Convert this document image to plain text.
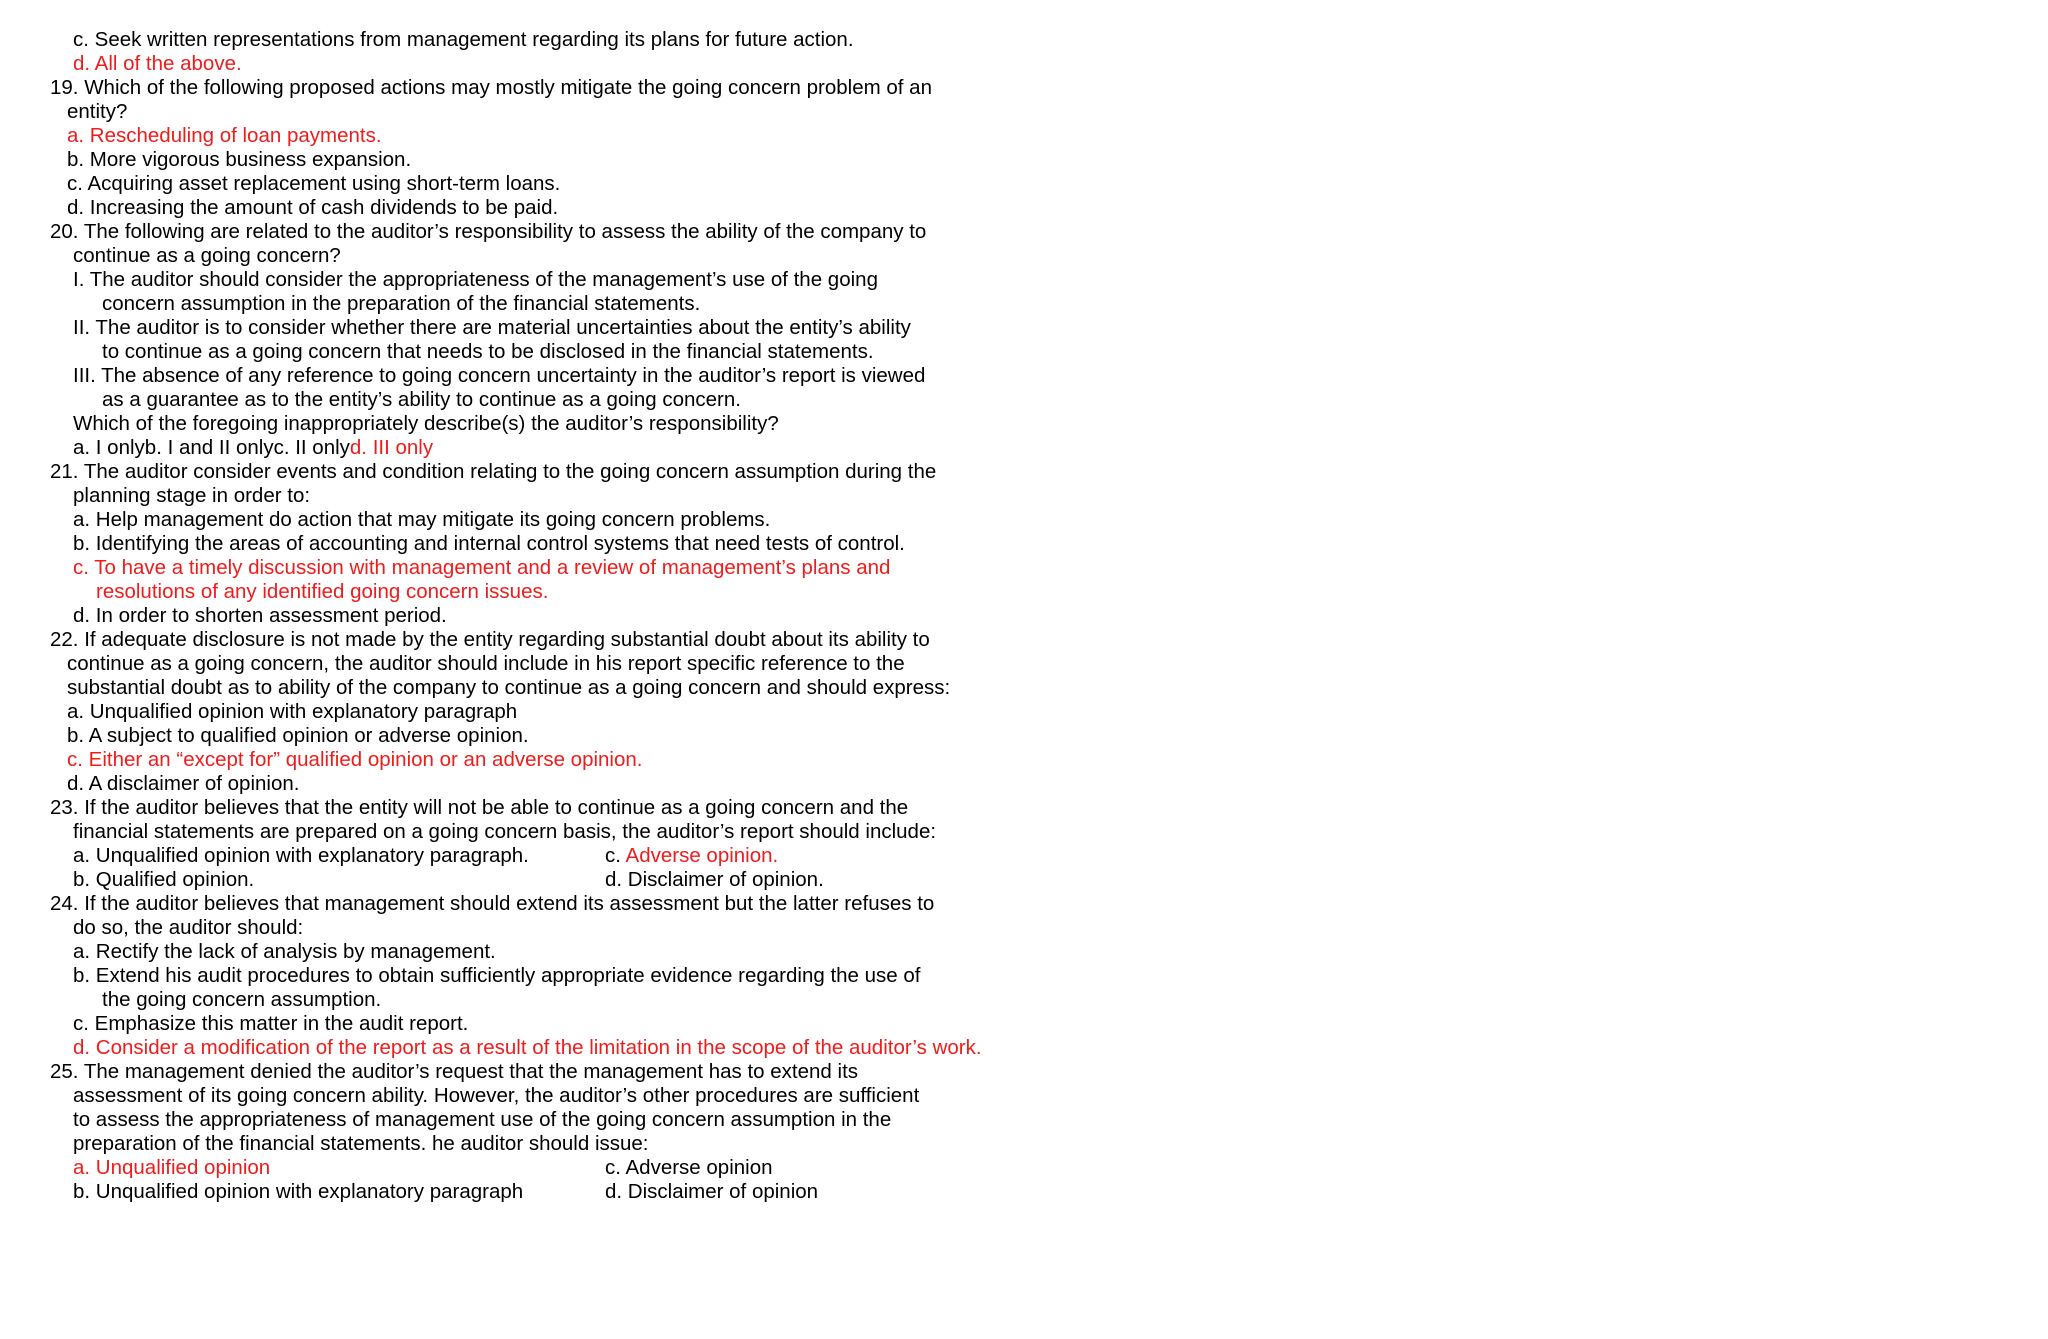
c. Seek written representations from management regarding its plans for future action.
d. All of the above.
19. Which of the following proposed actions may mostly mitigate the going concern problem of an
entity?
a. Rescheduling of loan payments.
b. More vigorous business expansion.
c. Acquiring asset replacement using short-term loans.
d. Increasing the amount of cash dividends to be paid.
20. The following are related to the auditor’s responsibility to assess the ability of the company to
continue as a going concern?
I. The auditor should consider the appropriateness of the management’s use of the going
concern assumption in the preparation of the financial statements.
II. The auditor is to consider whether there are material uncertainties about the entity’s ability
to continue as a going concern that needs to be disclosed in the financial statements.
III. The absence of any reference to going concern uncertainty in the auditor’s report is viewed
as a guarantee as to the entity’s ability to continue as a going concern.
Which of the foregoing inappropriately describe(s) the auditor’s responsibility?
a. I onlyb. I and II onlyc. II onlyd. III only
21. The auditor consider events and condition relating to the going concern assumption during the
planning stage in order to:
a. Help management do action that may mitigate its going concern problems.
b. Identifying the areas of accounting and internal control systems that need tests of control.
c. To have a timely discussion with management and a review of management’s plans and
resolutions of any identified going concern issues.
d. In order to shorten assessment period.
22. If adequate disclosure is not made by the entity regarding substantial doubt about its ability to
continue as a going concern, the auditor should include in his report specific reference to the
substantial doubt as to ability of the company to continue as a going concern and should express:
a. Unqualified opinion with explanatory paragraph
b. A subject to qualified opinion or adverse opinion.
c. Either an “except for” qualified opinion or an adverse opinion.
d. A disclaimer of opinion.
23. If the auditor believes that the entity will not be able to continue as a going concern and the
financial statements are prepared on a going concern basis, the auditor’s report should include:
a. Unqualified opinion with explanatory paragraph.	c. Adverse opinion.
b. Qualified opinion.	d. Disclaimer of opinion.
24. If the auditor believes that management should extend its assessment but the latter refuses to
do so, the auditor should:
a. Rectify the lack of analysis by management.
b. Extend his audit procedures to obtain sufficiently appropriate evidence regarding the use of
the going concern assumption.
c. Emphasize this matter in the audit report.
d. Consider a modification of the report as a result of the limitation in the scope of the auditor’s work.
25. The management denied the auditor’s request that the management has to extend its
assessment of its going concern ability. However, the auditor’s other procedures are sufficient
to assess the appropriateness of management use of the going concern assumption in the
preparation of the financial statements. he auditor should issue:
a. Unqualified opinion	c. Adverse opinion
b. Unqualified opinion with explanatory paragraph	d. Disclaimer of opinion
